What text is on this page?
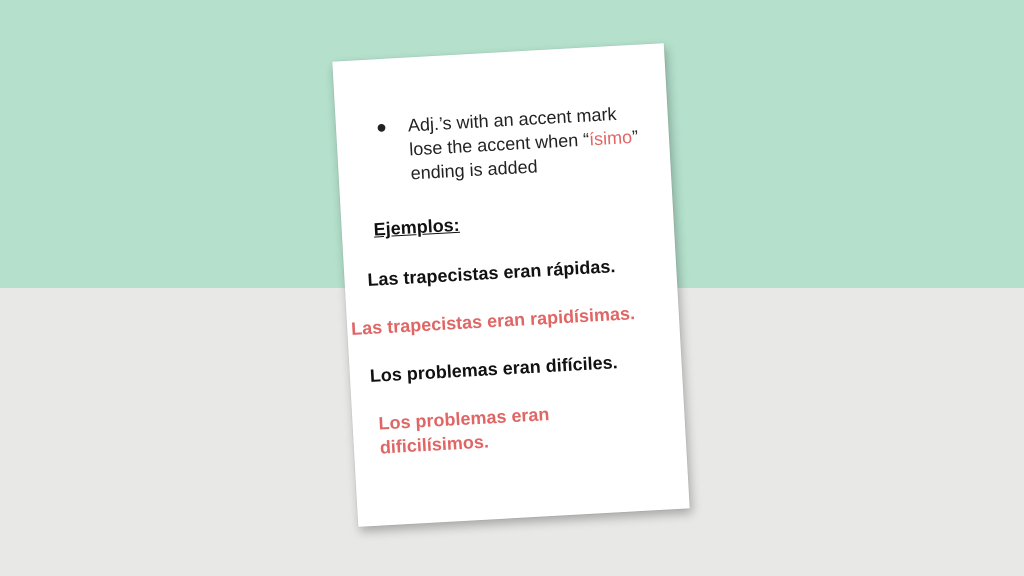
●	Adj.’s with an accent mark lose the accent when “ísimo” ending is added
Ejemplos:
Las trapecistas eran rápidas.
Las trapecistas eran rapidísimas.
Los problemas eran difíciles.
Los problemas eran dificilísimos.
